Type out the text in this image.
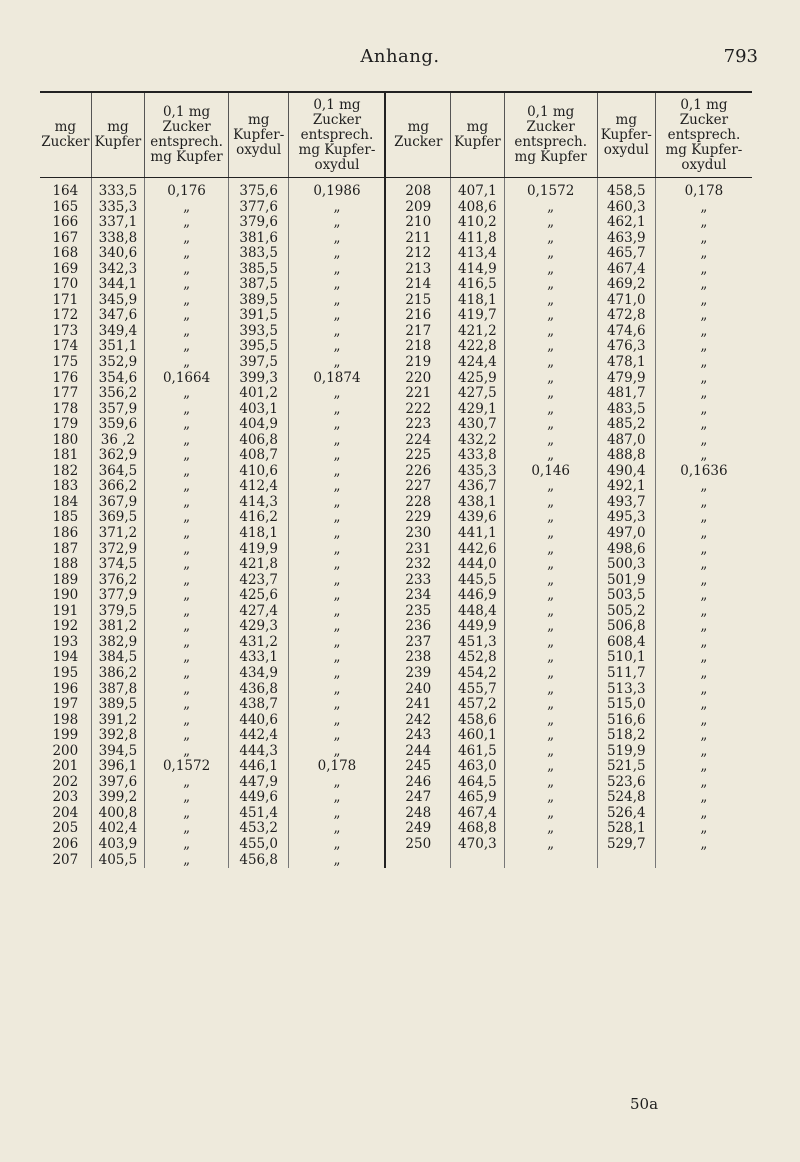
Anhang.	793
mg Zucker	mg Kupfer	0,1 mg Zucker entsprech. mg Kupfer	mg Kupfer-oxydul	0,1 mg Zucker entsprech. mg Kupfer-oxydul	mg Zucker	mg Kupfer	0,1 mg Zucker entsprech. mg Kupfer	mg Kupfer-oxydul	0,1 mg Zucker entsprech. mg Kupfer-oxydul
164	333,5	0,176	375,6	0,1986	208	407,1	0,1572	458,5	0,178
165	335,3	„	377,6	„	209	408,6	„	460,3	„
166	337,1	„	379,6	„	210	410,2	„	462,1	„
167	338,8	„	381,6	„	211	411,8	„	463,9	„
168	340,6	„	383,5	„	212	413,4	„	465,7	„
169	342,3	„	385,5	„	213	414,9	„	467,4	„
170	344,1	„	387,5	„	214	416,5	„	469,2	„
171	345,9	„	389,5	„	215	418,1	„	471,0	„
172	347,6	„	391,5	„	216	419,7	„	472,8	„
173	349,4	„	393,5	„	217	421,2	„	474,6	„
174	351,1	„	395,5	„	218	422,8	„	476,3	„
175	352,9	„	397,5	„	219	424,4	„	478,1	„
176	354,6	0,1664	399,3	0,1874	220	425,9	„	479,9	„
177	356,2	„	401,2	„	221	427,5	„	481,7	„
178	357,9	„	403,1	„	222	429,1	„	483,5	„
179	359,6	„	404,9	„	223	430,7	„	485,2	„
180	36 ,2	„	406,8	„	224	432,2	„	487,0	„
181	362,9	„	408,7	„	225	433,8	„	488,8	„
182	364,5	„	410,6	„	226	435,3	0,146	490,4	0,1636
183	366,2	„	412,4	„	227	436,7	„	492,1	„
184	367,9	„	414,3	„	228	438,1	„	493,7	„
185	369,5	„	416,2	„	229	439,6	„	495,3	„
186	371,2	„	418,1	„	230	441,1	„	497,0	„
187	372,9	„	419,9	„	231	442,6	„	498,6	„
188	374,5	„	421,8	„	232	444,0	„	500,3	„
189	376,2	„	423,7	„	233	445,5	„	501,9	„
190	377,9	„	425,6	„	234	446,9	„	503,5	„
191	379,5	„	427,4	„	235	448,4	„	505,2	„
192	381,2	„	429,3	„	236	449,9	„	506,8	„
193	382,9	„	431,2	„	237	451,3	„	608,4	„
194	384,5	„	433,1	„	238	452,8	„	510,1	„
195	386,2	„	434,9	„	239	454,2	„	511,7	„
196	387,8	„	436,8	„	240	455,7	„	513,3	„
197	389,5	„	438,7	„	241	457,2	„	515,0	„
198	391,2	„	440,6	„	242	458,6	„	516,6	„
199	392,8	„	442,4	„	243	460,1	„	518,2	„
200	394,5	„	444,3	„	244	461,5	„	519,9	„
201	396,1	0,1572	446,1	0,178	245	463,0	„	521,5	„
202	397,6	„	447,9	„	246	464,5	„	523,6	„
203	399,2	„	449,6	„	247	465,9	„	524,8	„
204	400,8	„	451,4	„	248	467,4	„	526,4	„
205	402,4	„	453,2	„	249	468,8	„	528,1	„
206	403,9	„	455,0	„	250	470,3	„	529,7	„
207	405,5	„	456,8	„					
50a
